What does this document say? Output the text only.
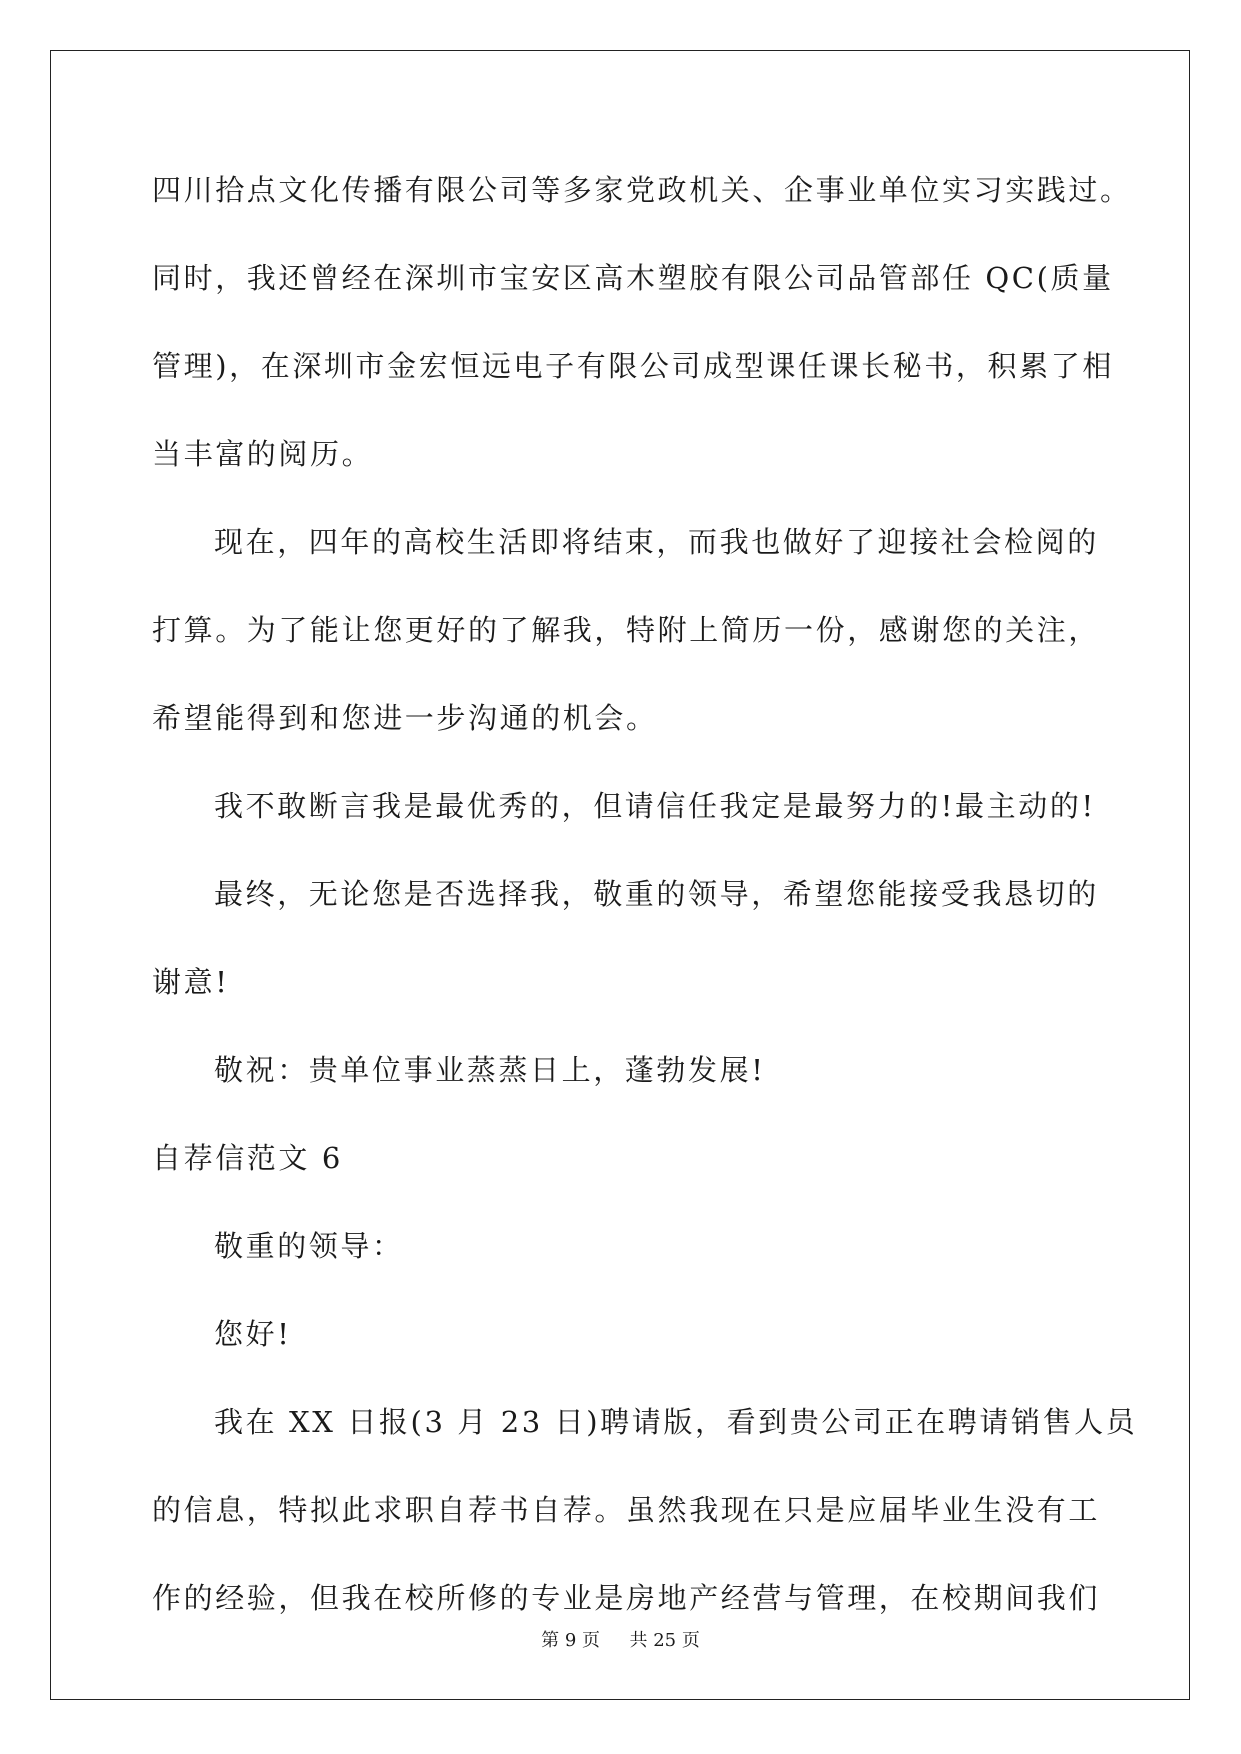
四川拾点文化传播有限公司等多家党政机关、企事业单位实习实践过。
同时，我还曾经在深圳市宝安区高木塑胶有限公司品管部任 QC(质量
管理)，在深圳市金宏恒远电子有限公司成型课任课长秘书，积累了相
当丰富的阅历。
现在，四年的高校生活即将结束，而我也做好了迎接社会检阅的
打算。为了能让您更好的了解我，特附上简历一份，感谢您的关注，
希望能得到和您进一步沟通的机会。
我不敢断言我是最优秀的，但请信任我定是最努力的!最主动的!
最终，无论您是否选择我，敬重的领导，希望您能接受我恳切的
谢意!
敬祝：贵单位事业蒸蒸日上，蓬勃发展!
自荐信范文 6
敬重的领导：
您好!
我在 XX 日报(3 月 23 日)聘请版，看到贵公司正在聘请销售人员
的信息，特拟此求职自荐书自荐。虽然我现在只是应届毕业生没有工
作的经验，但我在校所修的专业是房地产经营与管理，在校期间我们
第 9 页 共 25 页
